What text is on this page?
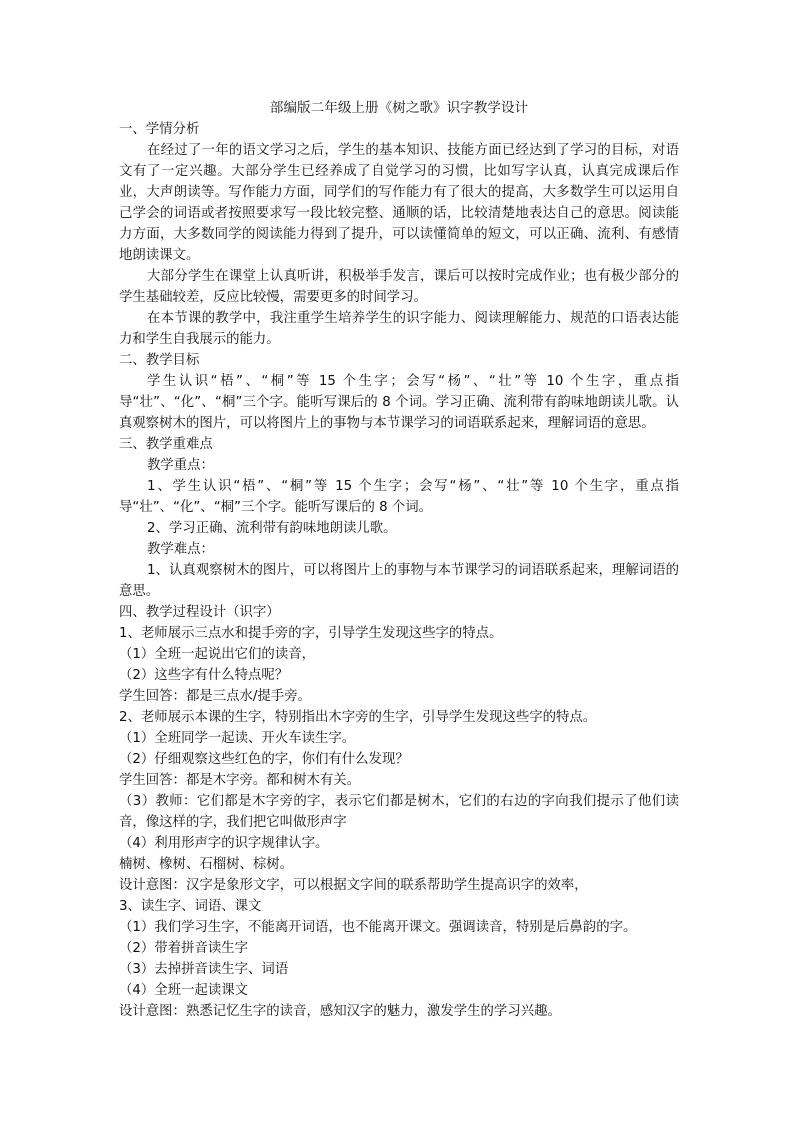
部编版二年级上册《树之歌》识字教学设计

一、学情分析

在经过了一年的语文学习之后，学生的基本知识、技能方面已经达到了学习的目标，对语文有了一定兴趣。大部分学生已经养成了自觉学习的习惯，比如写字认真，认真完成课后作业，大声朗读等。写作能力方面，同学们的写作能力有了很大的提高，大多数学生可以运用自己学会的词语或者按照要求写一段比较完整、通顺的话，比较清楚地表达自己的意思。阅读能力方面，大多数同学的阅读能力得到了提升，可以读懂简单的短文，可以正确、流利、有感情地朗读课文。

大部分学生在课堂上认真听讲，积极举手发言，课后可以按时完成作业；也有极少部分的学生基础较差，反应比较慢，需要更多的时间学习。

在本节课的教学中，我注重学生培养学生的识字能力、阅读理解能力、规范的口语表达能力和学生自我展示的能力。

二、教学目标

学生认识“梧”、“桐”等 15 个生字；会写“杨”、“壮”等 10 个生字，重点指导“壮”、“化”、“桐”三个字。能听写课后的 8 个词。学习正确、流利带有韵味地朗读儿歌。认真观察树木的图片，可以将图片上的事物与本节课学习的词语联系起来，理解词语的意思。

三、教学重难点

教学重点：

1、学生认识“梧”、“桐”等 15 个生字；会写“杨”、“壮”等 10 个生字，重点指导“壮”、“化”、“桐”三个字。能听写课后的 8 个词。

2、学习正确、流利带有韵味地朗读儿歌。

教学难点：

1、认真观察树木的图片，可以将图片上的事物与本节课学习的词语联系起来，理解词语的意思。

四、教学过程设计（识字）

1、老师展示三点水和提手旁的字，引导学生发现这些字的特点。

（1）全班一起说出它们的读音，

（2）这些字有什么特点呢？

学生回答：都是三点水/提手旁。

2、老师展示本课的生字，特别指出木字旁的生字，引导学生发现这些字的特点。

（1）全班同学一起读、开火车读生字。

（2）仔细观察这些红色的字，你们有什么发现？

学生回答：都是木字旁。都和树木有关。

（3）教师：它们都是木字旁的字，表示它们都是树木，它们的右边的字向我们提示了他们读音，像这样的字，我们把它叫做形声字

（4）利用形声字的识字规律认字。

楠树、橡树、石榴树、棕树。

设计意图：汉字是象形文字，可以根据文字间的联系帮助学生提高识字的效率，

3、读生字、词语、课文

（1）我们学习生字，不能离开词语，也不能离开课文。强调读音，特别是后鼻韵的字。

（2）带着拼音读生字

（3）去掉拼音读生字、词语

（4）全班一起读课文

设计意图：熟悉记忆生字的读音，感知汉字的魅力，激发学生的学习兴趣。
